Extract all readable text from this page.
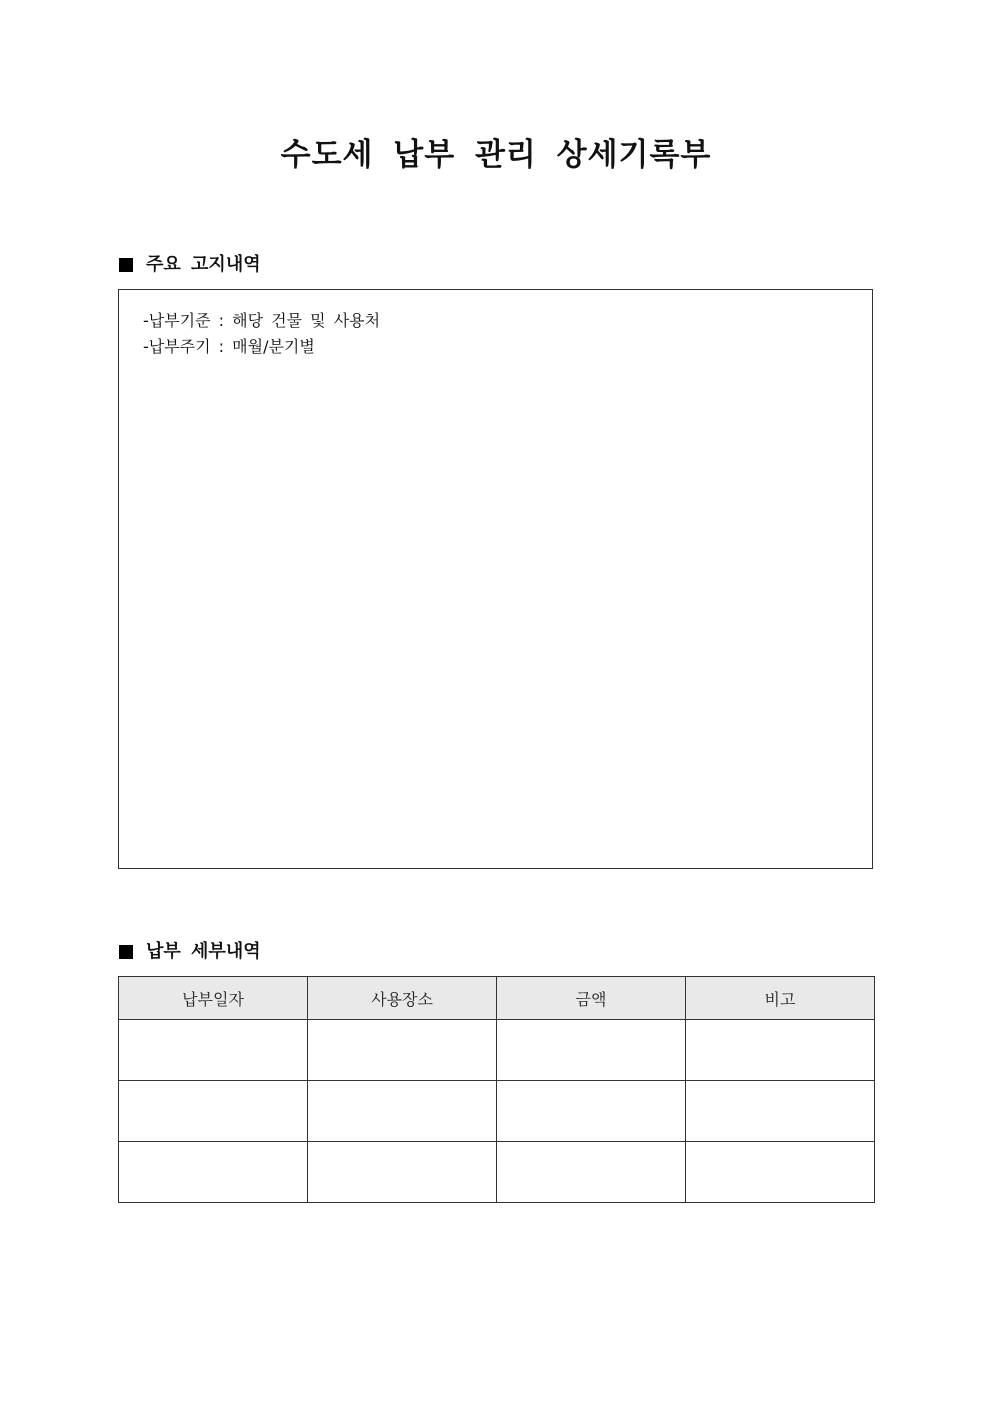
수도세 납부 관리 상세기록부
주요 고지내역

-납부기준 : 해당 건물 및 사용처

-납부주기 : 매월/분기별

납부 세부내역
납부일자	사용장소	금액	비고
